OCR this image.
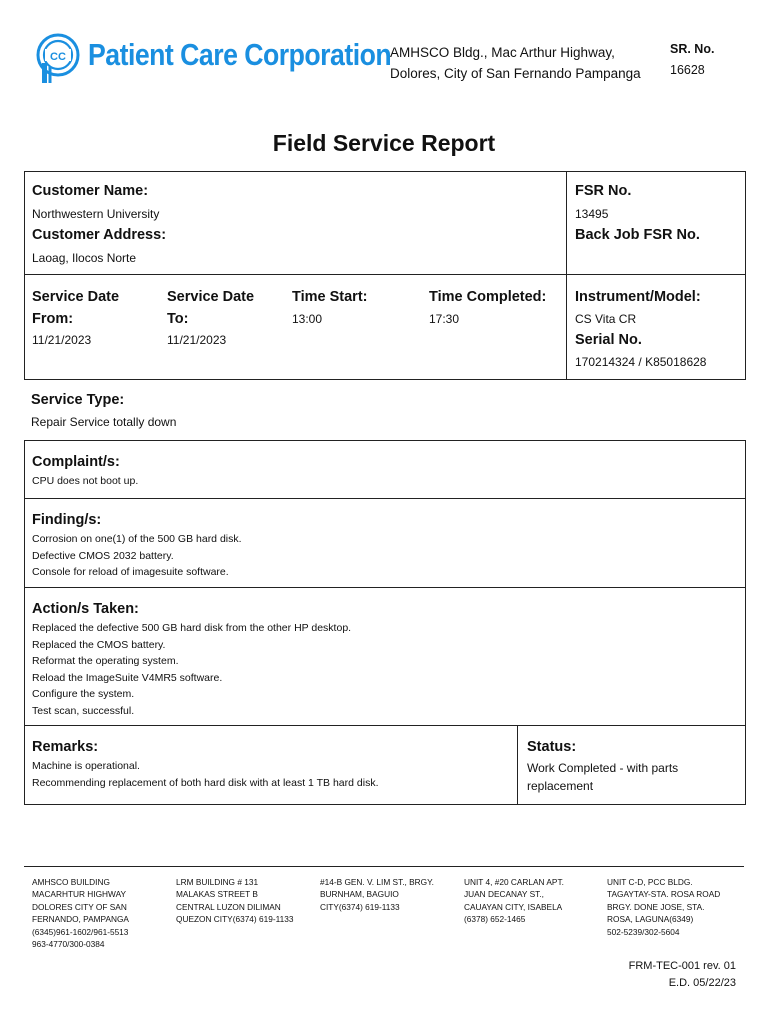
CC Patient Care Corporation
AMHSCO Bldg., Mac Arthur Highway,
Dolores, City of San Fernando Pampanga
SR. No.
16628
Field Service Report
Customer Name:
Northwestern University
Customer Address:
Laoag, Ilocos Norte
FSR No.
13495
Back Job FSR No.
Service Date
From:
11/21/2023
Service Date
To:
11/21/2023
Time Start:
13:00
Time Completed:
17:30
Instrument/Model:
CS Vita CR
Serial No.
170214324 / K85018628
Service Type:
Repair Service totally down
Complaint/s:
CPU does not boot up.
Finding/s:
Corrosion on one(1) of the 500 GB hard disk.
Defective CMOS 2032 battery.
Console for reload of imagesuite software.
Action/s Taken:
Replaced the defective 500 GB hard disk from the other HP desktop.
Replaced the CMOS battery.
Reformat the operating system.
Reload the ImageSuite V4MR5 software.
Configure the system.
Test scan, successful.
Remarks:
Machine is operational.
Recommending replacement of both hard disk with at least 1 TB hard disk.
Status:
Work Completed - with parts
replacement
AMHSCO BUILDING
MACARHTUR HIGHWAY
DOLORES CITY OF SAN
FERNANDO, PAMPANGA
(6345)961-1602/961-5513
963-4770/300-0384
LRM BUILDING # 131
MALAKAS STREET B
CENTRAL LUZON DILIMAN
QUEZON CITY(6374) 619-1133
#14-B GEN. V. LIM ST., BRGY.
BURNHAM, BAGUIO
CITY(6374) 619-1133
UNIT 4, #20 CARLAN APT.
JUAN DECANAY ST.,
CAUAYAN CITY, ISABELA
(6378) 652-1465
UNIT C-D, PCC BLDG.
TAGAYTAY-STA. ROSA ROAD
BRGY. DONE JOSE, STA.
ROSA, LAGUNA(6349)
502-5239/302-5604
FRM-TEC-001 rev. 01
E.D. 05/22/23
